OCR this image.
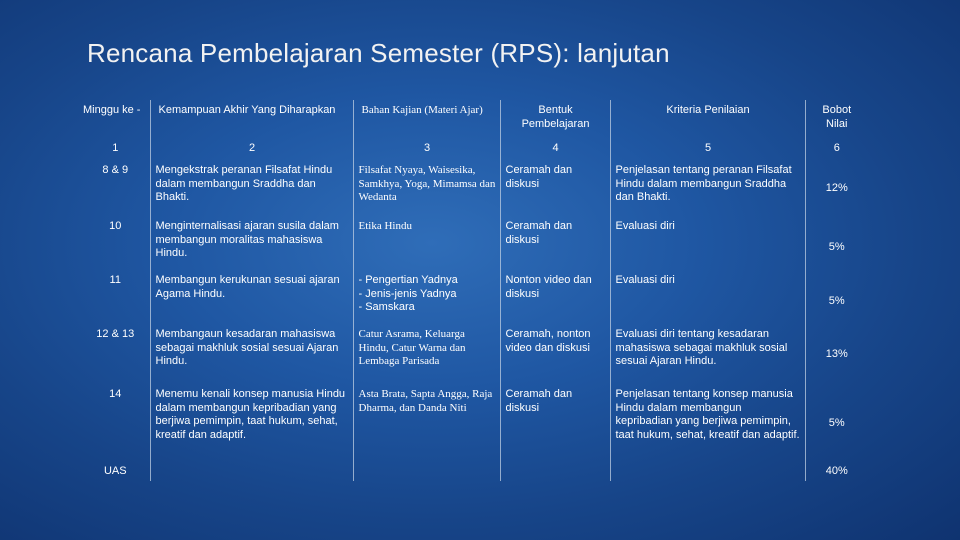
Rencana Pembelajaran Semester (RPS): lanjutan
Minggu ke -	Kemampuan Akhir Yang Diharapkan	Bahan Kajian (Materi Ajar)	Bentuk Pembelajaran	Kriteria Penilaian	Bobot Nilai
1	2	3	4	5	6
8 & 9	Mengekstrak peranan Filsafat Hindu dalam membangun Sraddha dan Bhakti.	Filsafat Nyaya, Waisesika, Samkhya, Yoga, Mimamsa dan Wedanta	Ceramah dan diskusi	Penjelasan tentang peranan Filsafat Hindu dalam membangun Sraddha dan Bhakti.	12%
10	Menginternalisasi ajaran susila dalam membangun moralitas mahasiswa Hindu.	Etika Hindu	Ceramah dan diskusi	Evaluasi diri	5%
11	Membangun kerukunan sesuai ajaran Agama Hindu.	- Pengertian Yadnya
- Jenis-jenis Yadnya
- Samskara	Nonton video dan diskusi	Evaluasi diri	5%
12 & 13	Membangaun kesadaran mahasiswa sebagai makhluk sosial sesuai Ajaran Hindu.	Catur Asrama, Keluarga Hindu, Catur Warna dan Lembaga Parisada	Ceramah, nonton video dan diskusi	Evaluasi diri tentang kesadaran mahasiswa sebagai makhluk sosial sesuai Ajaran Hindu.	13%
14	Menemu kenali konsep manusia Hindu dalam membangun kepribadian yang berjiwa pemimpin, taat hukum, sehat, kreatif dan adaptif.	Asta Brata, Sapta Angga, Raja Dharma, dan Danda Niti	Ceramah dan diskusi	Penjelasan tentang konsep manusia Hindu dalam membangun kepribadian yang berjiwa pemimpin, taat hukum, sehat, kreatif dan adaptif.	5%
UAS					40%
